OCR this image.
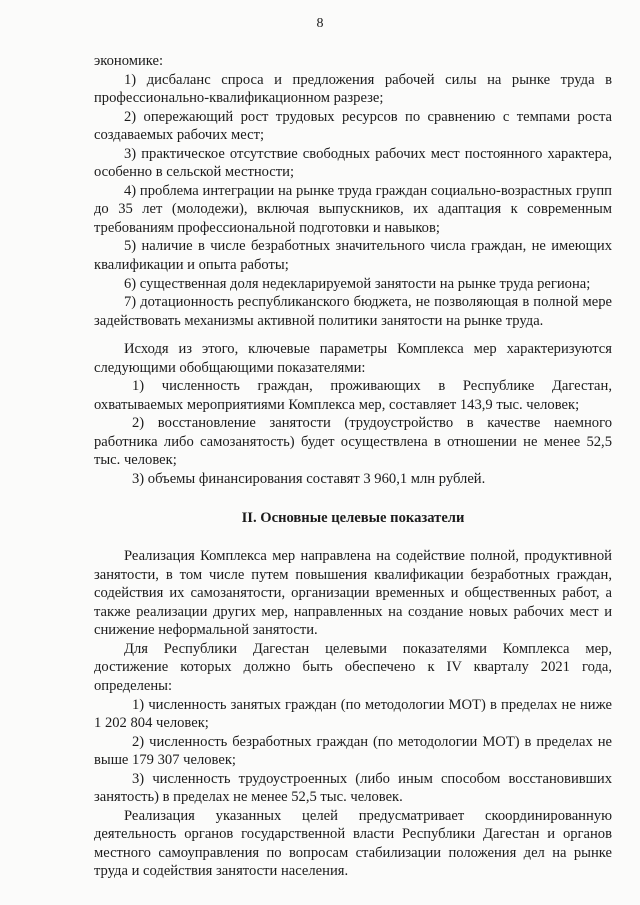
8

экономике:

1) дисбаланс спроса и предложения рабочей силы на рынке труда в профессионально-квалификационном разрезе;

2) опережающий рост трудовых ресурсов по сравнению с темпами роста создаваемых рабочих мест;

3) практическое отсутствие свободных рабочих мест постоянного характера, особенно в сельской местности;

4) проблема интеграции на рынке труда граждан социально-возрастных групп до 35 лет (молодежи), включая выпускников, их адаптация к современным требованиям профессиональной подготовки и навыков;

5) наличие в числе безработных значительного числа граждан, не имеющих квалификации и опыта работы;

6) существенная доля недекларируемой занятости на рынке труда региона;

7) дотационность республиканского бюджета, не позволяющая в полной мере задействовать механизмы активной политики занятости на рынке труда.

Исходя из этого, ключевые параметры Комплекса мер характеризуются следующими обобщающими показателями:

1) численность граждан, проживающих в Республике Дагестан, охватываемых мероприятиями Комплекса мер, составляет 143,9 тыс. человек;

2) восстановление занятости (трудоустройство в качестве наемного работника либо самозанятость) будет осуществлена в отношении не менее 52,5 тыс. человек;

3) объемы финансирования составят 3 960,1 млн рублей.

II. Основные целевые показатели

Реализация Комплекса мер направлена на содействие полной, продуктивной занятости, в том числе путем повышения квалификации безработных граждан, содействия их самозанятости, организации временных и общественных работ, а также реализации других мер, направленных на создание новых рабочих мест и снижение неформальной занятости.

Для Республики Дагестан целевыми показателями Комплекса мер, достижение которых должно быть обеспечено к IV кварталу 2021 года, определены:

1) численность занятых граждан (по методологии МОТ) в пределах не ниже 1 202 804 человек;

2) численность безработных граждан (по методологии МОТ) в пределах не выше 179 307 человек;

3) численность трудоустроенных (либо иным способом восстановивших занятость) в пределах не менее 52,5 тыс. человек.

Реализация указанных целей предусматривает скоординированную деятельность органов государственной власти Республики Дагестан и органов местного самоуправления по вопросам стабилизации положения дел на рынке труда и содействия занятости населения.
